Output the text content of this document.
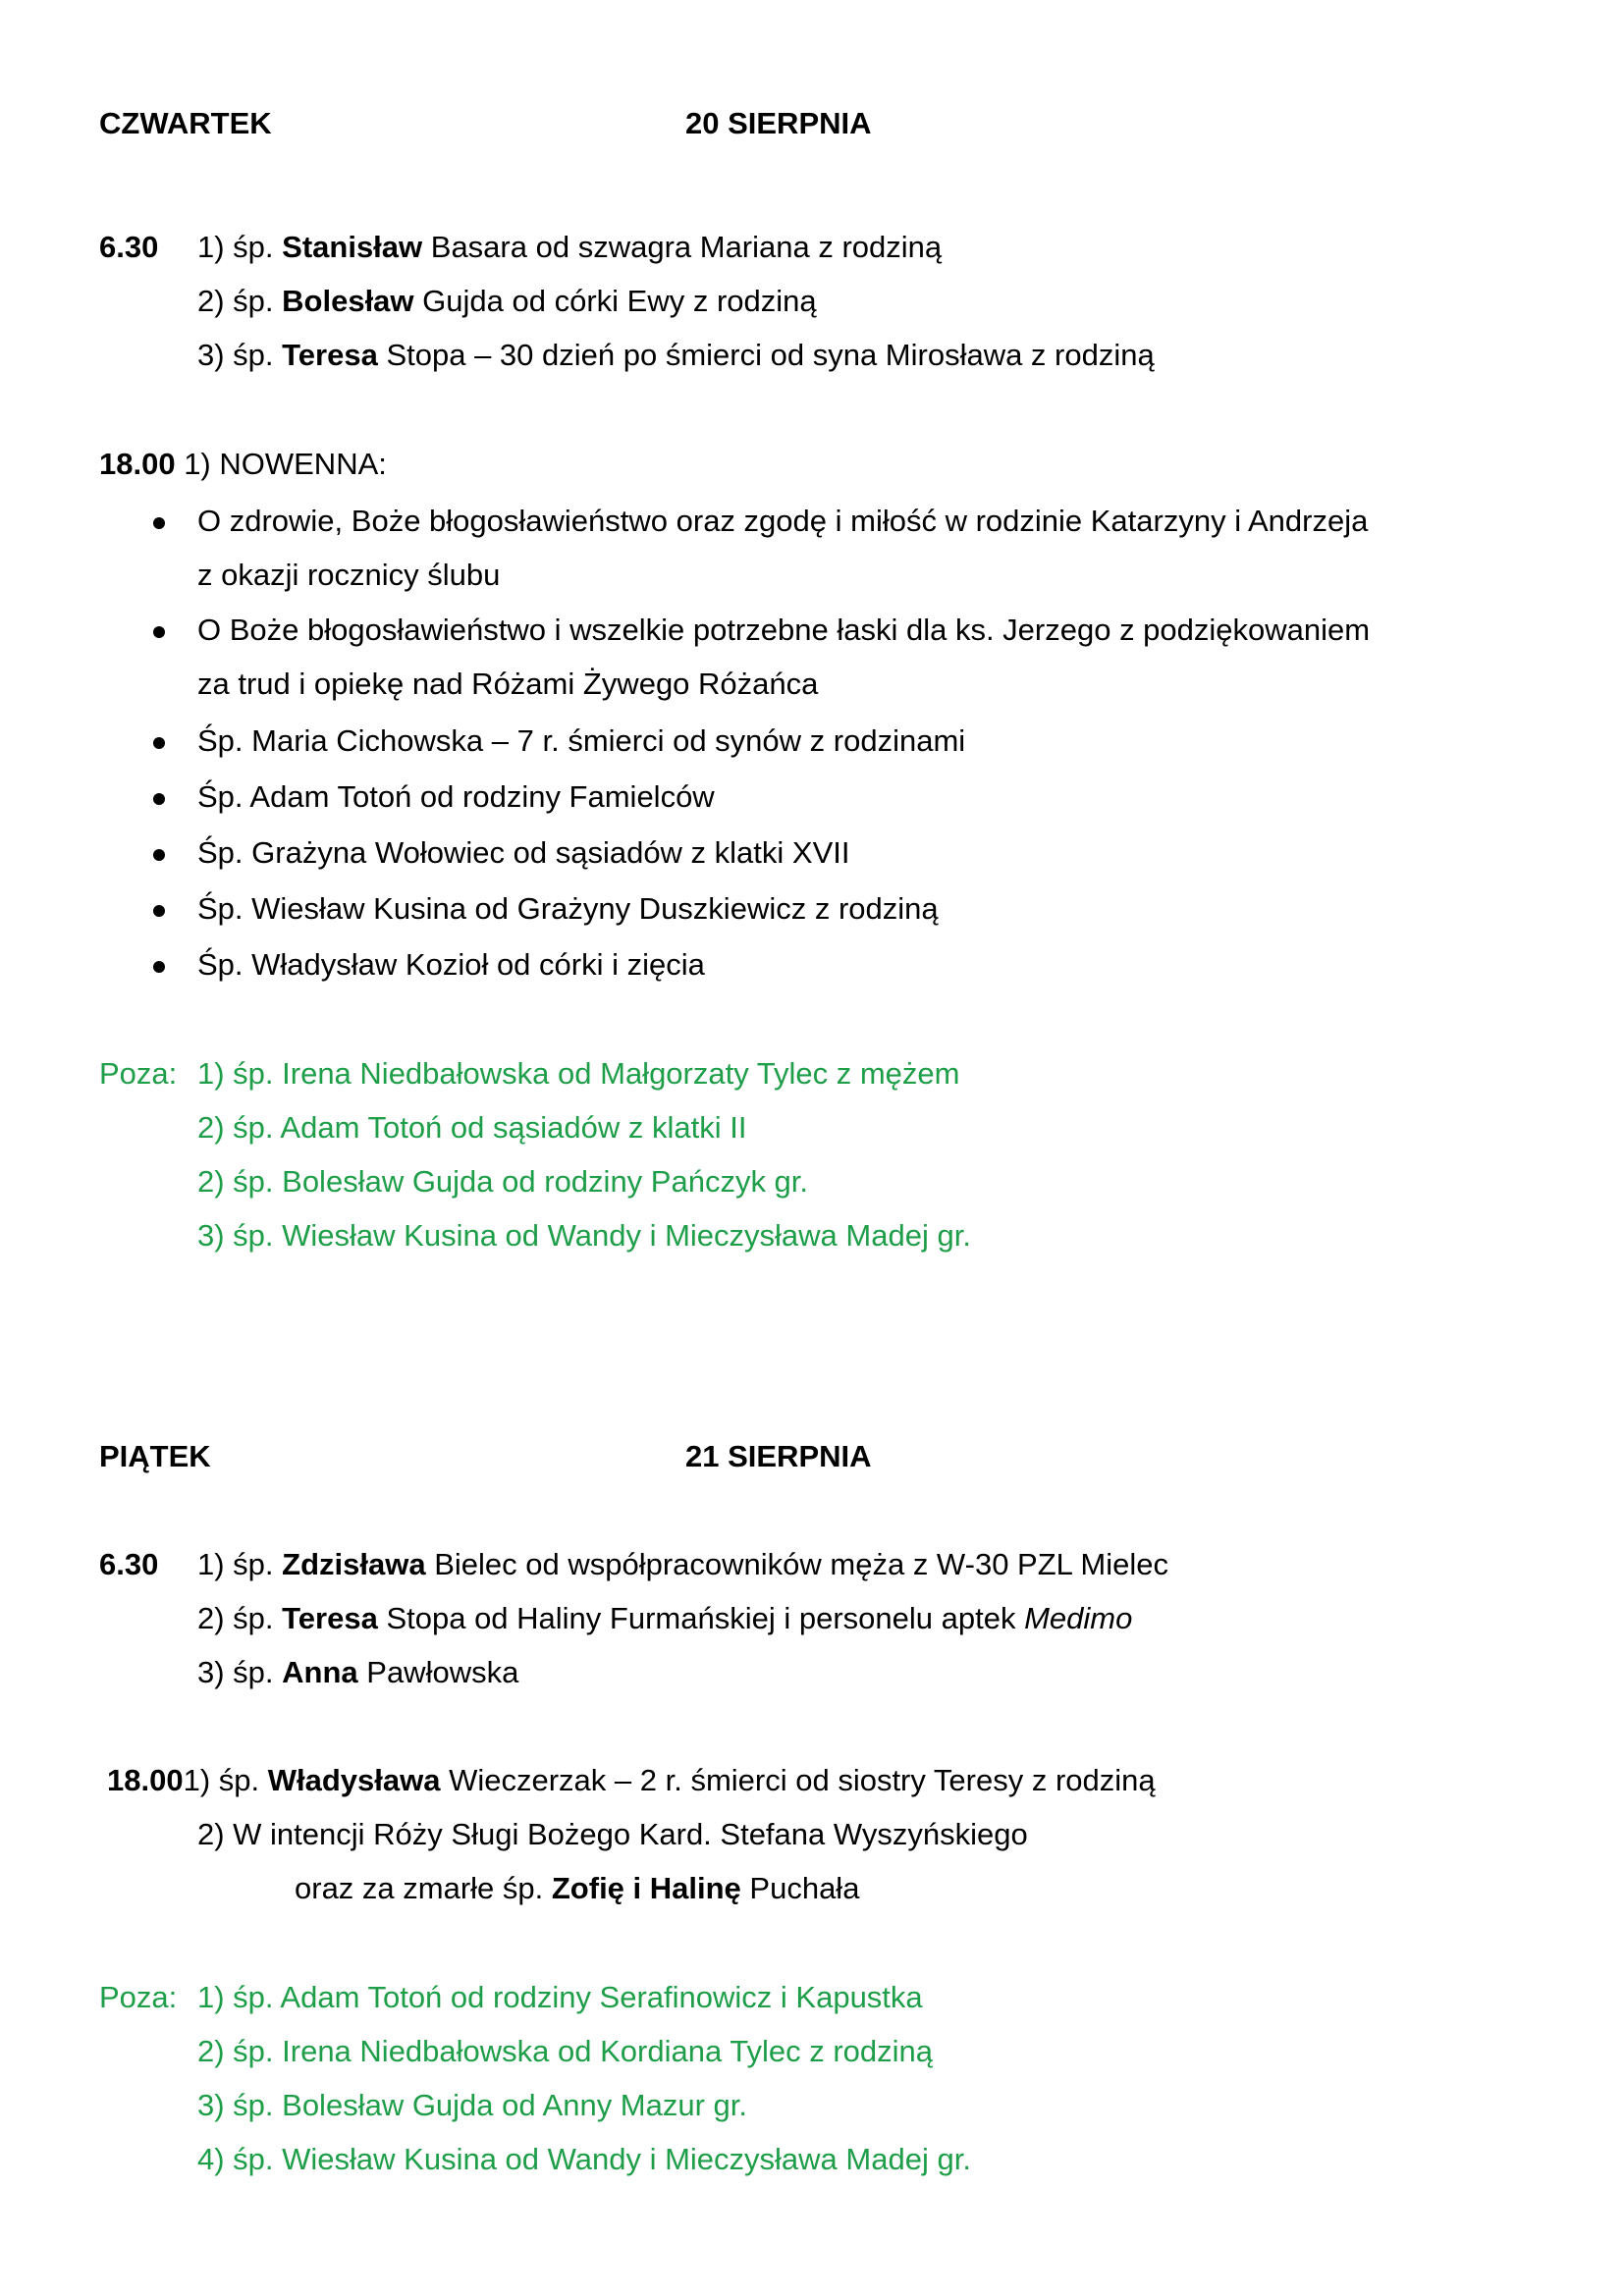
CZWARTEK	20 SIERPNIA
6.30 1) śp. Stanisław Basara od szwagra Mariana z rodziną
2) śp. Bolesław Gujda od córki Ewy z rodziną
3) śp. Teresa Stopa – 30 dzień po śmierci od syna Mirosława z rodziną
18.00 1) NOWENNA:
O zdrowie, Boże błogosławieństwo oraz zgodę i miłość w rodzinie Katarzyny i Andrzeja
z okazji rocznicy ślubu
O Boże błogosławieństwo i wszelkie potrzebne łaski dla ks. Jerzego z podziękowaniem
za trud i opiekę nad Różami Żywego Różańca
Śp. Maria Cichowska – 7 r. śmierci od synów z rodzinami
Śp. Adam Totoń od rodziny Famielców
Śp. Grażyna Wołowiec od sąsiadów z klatki XVII
Śp. Wiesław Kusina od Grażyny Duszkiewicz z rodziną
Śp. Władysław Kozioł od córki i zięcia
Poza: 1) śp. Irena Niedbałowska od Małgorzaty Tylec z mężem
2) śp. Adam Totoń od sąsiadów z klatki II
2) śp. Bolesław Gujda od rodziny Pańczyk gr.
3) śp. Wiesław Kusina od Wandy i Mieczysława Madej gr.
PIĄTEK	21 SIERPNIA
6.30 1) śp. Zdzisława Bielec od współpracowników męża z W-30 PZL Mielec
2) śp. Teresa Stopa od Haliny Furmańskiej i personelu aptek Medimo
3) śp. Anna Pawłowska
18.001) śp. Władysława Wieczerzak – 2 r. śmierci od siostry Teresy z rodziną
2) W intencji Róży Sługi Bożego Kard. Stefana Wyszyńskiego
oraz za zmarłe śp. Zofię i Halinę Puchała
Poza: 1) śp. Adam Totoń od rodziny Serafinowicz i Kapustka
2) śp. Irena Niedbałowska od Kordiana Tylec z rodziną
3) śp. Bolesław Gujda od Anny Mazur gr.
4) śp. Wiesław Kusina od Wandy i Mieczysława Madej gr.
